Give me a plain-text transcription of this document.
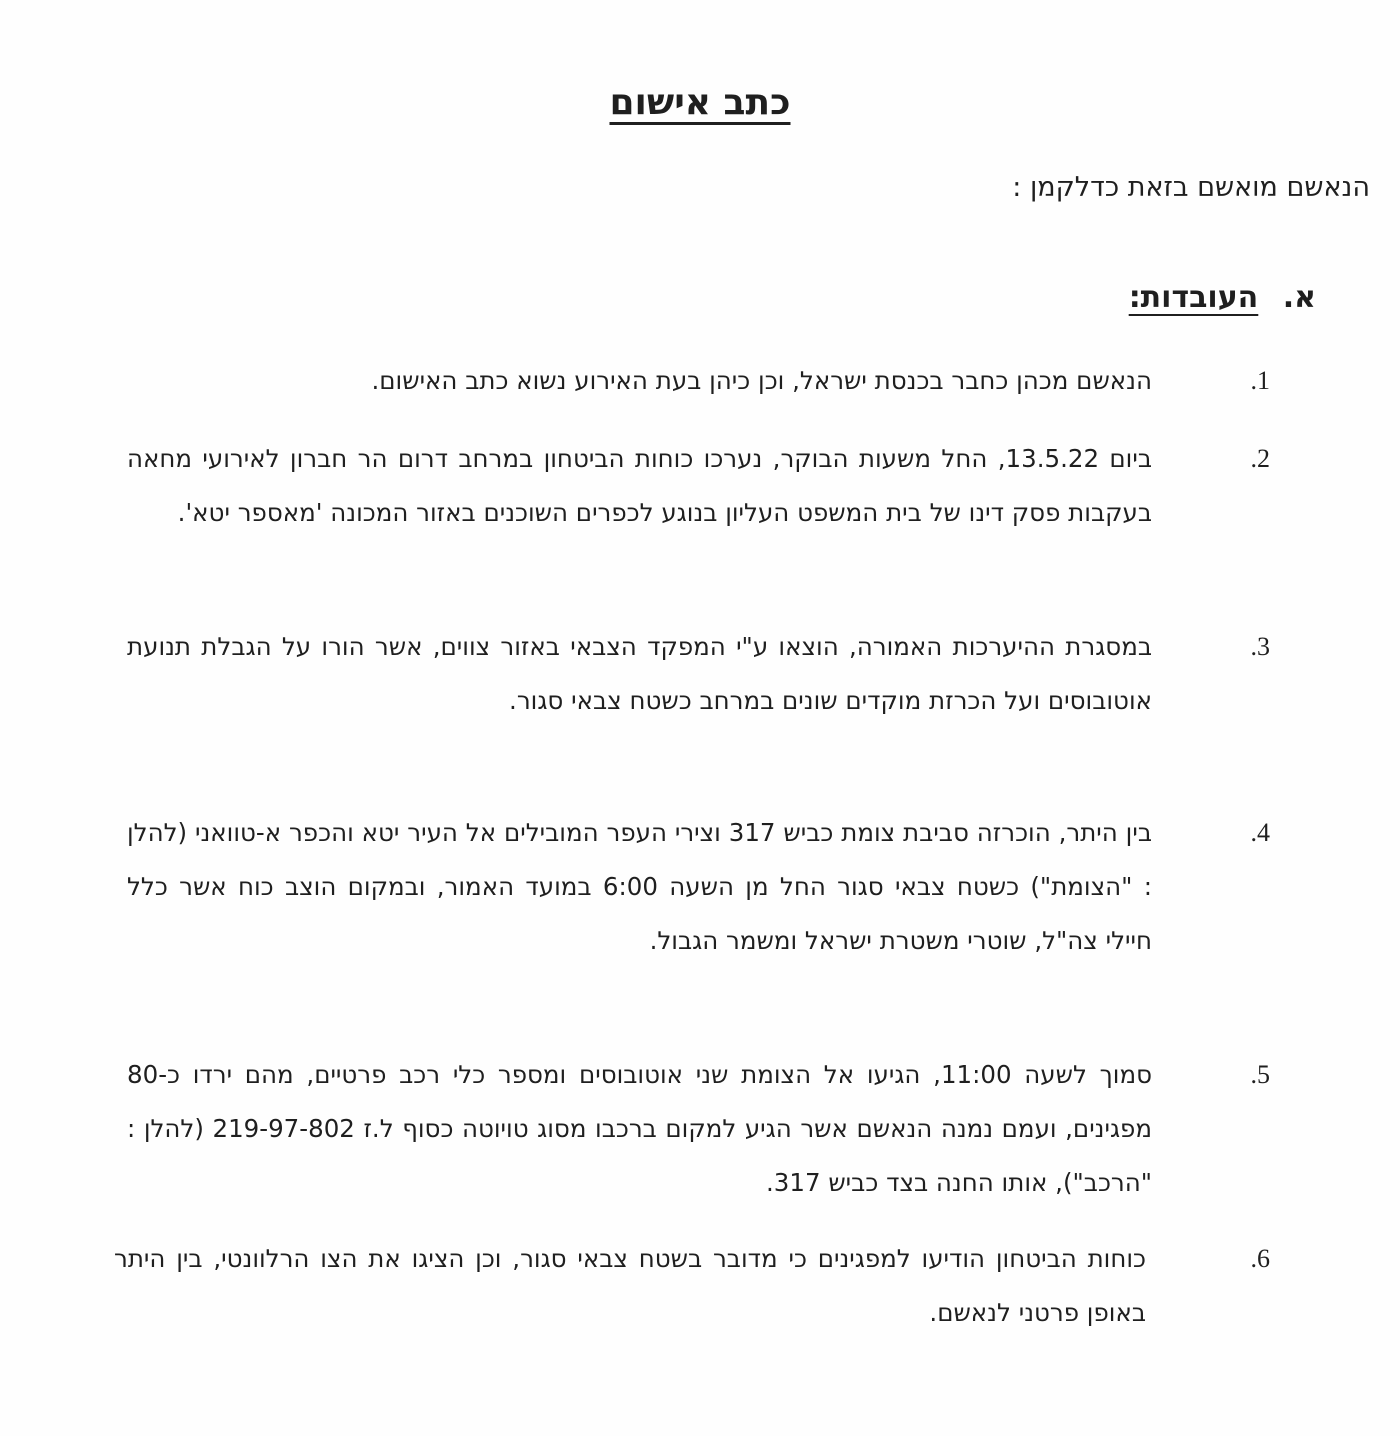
כתב אישום
הנאשם מואשם בזאת כדלקמן :
א. העובדות:
1.
הנאשם מכהן כחבר בכנסת ישראל, וכן כיהן בעת האירוע נשוא כתב האישום.
2.
ביום 13.5.22, החל משעות הבוקר, נערכו כוחות הביטחון במרחב דרום הר חברון לאירועי מחאה בעקבות פסק דינו של בית המשפט העליון בנוגע לכפרים השוכנים באזור המכונה 'מאספר יטא'.
3.
במסגרת ההיערכות האמורה, הוצאו ע"י המפקד הצבאי באזור צווים, אשר הורו על הגבלת תנועת אוטובוסים ועל הכרזת מוקדים שונים במרחב כשטח צבאי סגור.
4.
בין היתר, הוכרזה סביבת צומת כביש 317 וצירי העפר המובילים אל העיר יטא והכפר א-טוואני (להלן : "הצומת") כשטח צבאי סגור החל מן השעה 6:00 במועד האמור, ובמקום הוצב כוח אשר כלל חיילי צה"ל, שוטרי משטרת ישראל ומשמר הגבול.
5.
סמוך לשעה 11:00, הגיעו אל הצומת שני אוטובוסים ומספר כלי רכב פרטיים, מהם ירדו כ-80 מפגינים, ועמם נמנה הנאשם אשר הגיע למקום ברכבו מסוג טויוטה כסוף ל.ז 219-97-802 (להלן : "הרכב"), אותו החנה בצד כביש 317.
6.
כוחות הביטחון הודיעו למפגינים כי מדובר בשטח צבאי סגור, וכן הציגו את הצו הרלוונטי, בין היתר באופן פרטני לנאשם.
